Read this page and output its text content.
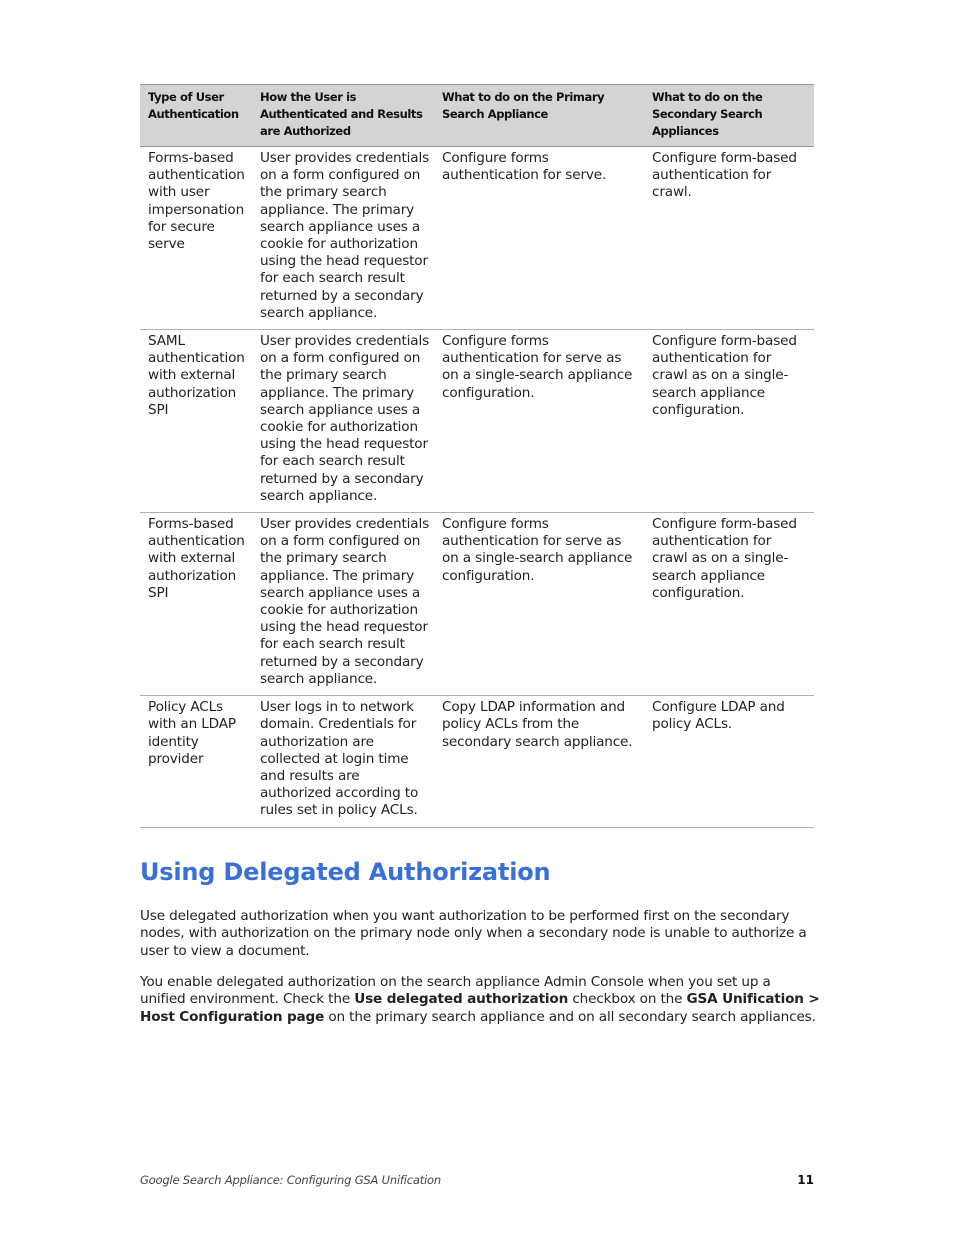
Type of User Authentication	How the User is Authenticated and Results are Authorized	What to do on the Primary Search Appliance	What to do on the Secondary Search Appliances
Forms-based authentication with user impersonation for secure serve	User provides credentials on a form configured on the primary search appliance. The primary search appliance uses a cookie for authorization using the head requestor for each search result returned by a secondary search appliance.	Configure forms authentication for serve.	Configure form-based authentication for crawl.
SAML authentication with external authorization SPI	User provides credentials on a form configured on the primary search appliance. The primary search appliance uses a cookie for authorization using the head requestor for each search result returned by a secondary search appliance.	Configure forms authentication for serve as on a single-search appliance configuration.	Configure form-based authentication for crawl as on a single-search appliance configuration.
Forms-based authentication with external authorization SPI	User provides credentials on a form configured on the primary search appliance. The primary search appliance uses a cookie for authorization using the head requestor for each search result returned by a secondary search appliance.	Configure forms authentication for serve as on a single-search appliance configuration.	Configure form-based authentication for crawl as on a single-search appliance configuration.
Policy ACLs with an LDAP identity provider	User logs in to network domain. Credentials for authorization are collected at login time and results are authorized according to rules set in policy ACLs.	Copy LDAP information and policy ACLs from the secondary search appliance.	Configure LDAP and policy ACLs.
Using Delegated Authorization

Use delegated authorization when you want authorization to be performed first on the secondary nodes, with authorization on the primary node only when a secondary node is unable to authorize a user to view a document.

You enable delegated authorization on the search appliance Admin Console when you set up a unified environment. Check the Use delegated authorization checkbox on the GSA Unification > Host Configuration page on the primary search appliance and on all secondary search appliances.

Google Search Appliance: Configuring GSA Unification	11
